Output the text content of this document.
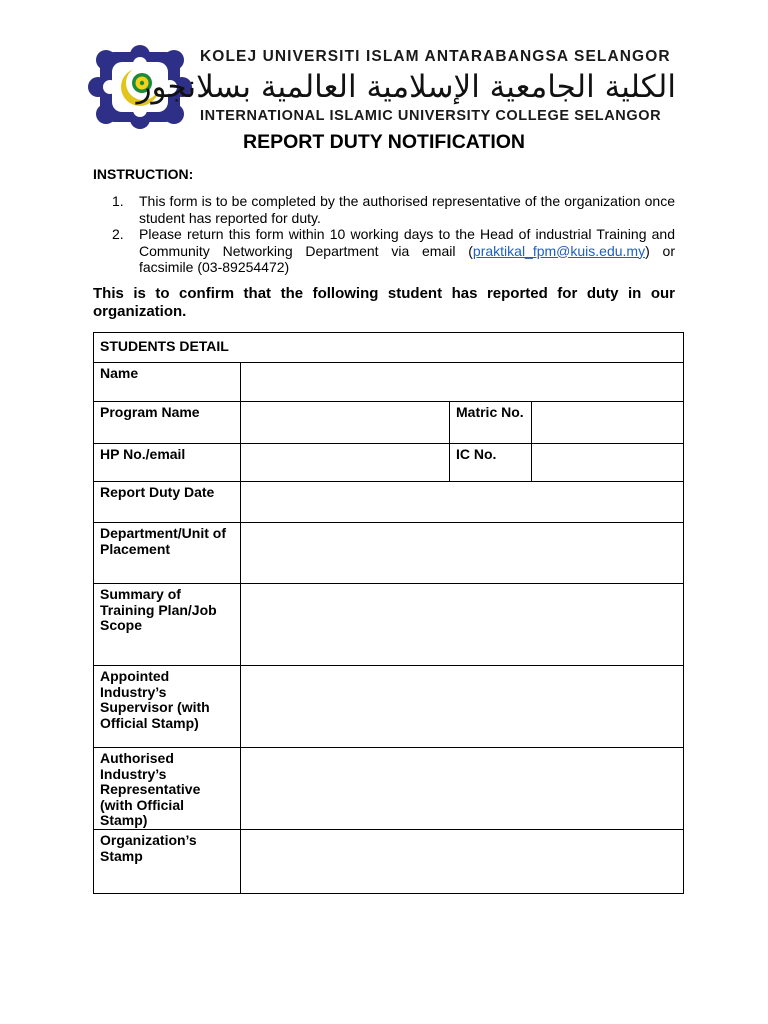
KOLEJ UNIVERSITI ISLAM ANTARABANGSA SELANGOR
الكلية الجامعية الإسلامية العالمية بسلانجور
INTERNATIONAL ISLAMIC UNIVERSITY COLLEGE SELANGOR
REPORT DUTY NOTIFICATION
INSTRUCTION:
1.	This form is to be completed by the authorised representative of the organization once student has reported for duty.
2.	Please return this form within 10 working days to the Head of industrial Training and Community Networking Department via email (praktikal_fpm@kuis.edu.my) or facsimile (03-89254472)
This is to confirm that the following student has reported for duty in our organization.
STUDENTS DETAIL			
Name			
Program Name		Matric No.	
HP No./email		IC No.	
Report Duty Date			
Department/Unit of Placement			
Summary of Training Plan/Job Scope			
Appointed Industry’s Supervisor (with Official Stamp)			
Authorised Industry’s Representative (with Official Stamp)			
Organization’s Stamp			
